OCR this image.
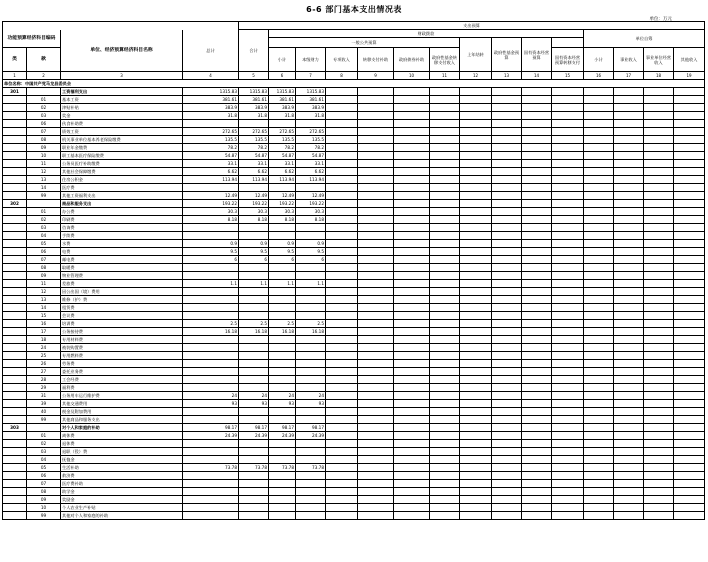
6-6 部门基本支出情况表
单位：万元
				支出预算														
功能预算经济科目编码		单位、经济预算经济科目名称	总计	合计	财政拨款										单位自筹			
					一般公共预算						上年结转	政府性基金预算	国有资本经营预算				
类	款				小计	本级财力	专项收入	转移支付补助	政府债券补助	政府性基金转移支付收入				国有资本经营预算转移支付	小计	事业收入	事业单位经营收入	其他收入
1	2	3	4	5	6	7	8	9	10	11	12	13	14	15	16	17	18	19
单位名称：中国共产党马龙县委员会																		
301		工资福利支出	1315.83	1315.83	1315.83	1315.83												
	01	基本工资	381.61	381.61	381.61	381.61												
	02	津贴补贴	383.9	383.9	383.9	383.9												
	03	奖金	31.8	31.8	31.8	31.8												
	06	伙食补助费																
	07	绩效工资	272.65	272.65	272.65	272.65												
	08	机关事业单位基本养老保险缴费	135.5	135.5	135.5	135.5												
	09	职业年金缴费	78.2	78.2	78.2	78.2												
	10	职工基本医疗保险缴费	54.87	54.87	54.87	54.87												
	11	公务员医疗补助缴费	33.1	33.1	33.1	33.1												
	12	其他社会保障缴费	6.62	6.62	6.62	6.62												
	13	住房公积金	113.94	113.94	113.94	113.94												
	14	医疗费																
	99	其他工资福利支出	12.49	12.49	12.49	12.49												
302		商品和服务支出	193.22	193.22	193.22	193.22												
	01	办公费	30.3	30.3	30.3	30.3												
	02	印刷费	8.18	8.18	8.18	8.18												
	03	咨询费																
	04	手续费																
	05	水费	0.9	0.9	0.9	0.9												
	06	电费	9.5	9.5	9.5	9.5												
	07	邮电费	6	6	6	6												
	08	取暖费																
	09	物业管理费																
	11	差旅费	1.1	1.1	1.1	1.1												
	12	因公出国（境）费用																
	13	维修（护）费																
	14	租赁费																
	15	会议费																
	16	培训费	2.5	2.5	2.5	2.5												
	17	公务接待费	16.18	16.18	16.18	16.18												
	18	专用材料费																
	24	被装购置费																
	25	专用燃料费																
	26	劳务费																
	27	委托业务费																
	28	工会经费																
	29	福利费																
	31	公务用车运行维护费	24	24	24	24												
	39	其他交通费用	93	93	93	93												
	40	税金及附加费用																
	99	其他商品和服务支出																
303		对个人和家庭的补助	98.17	98.17	98.17	98.17												
	01	离休费	24.39	24.39	24.39	24.39												
	02	退休费																
	03	退职（役）费																
	04	抚恤金																
	05	生活补助	73.78	73.78	73.78	73.78												
	06	救济费																
	07	医疗费补助																
	08	助学金																
	09	奖励金																
	10	个人农业生产补贴																
	99	其他对个人和家庭的补助																
